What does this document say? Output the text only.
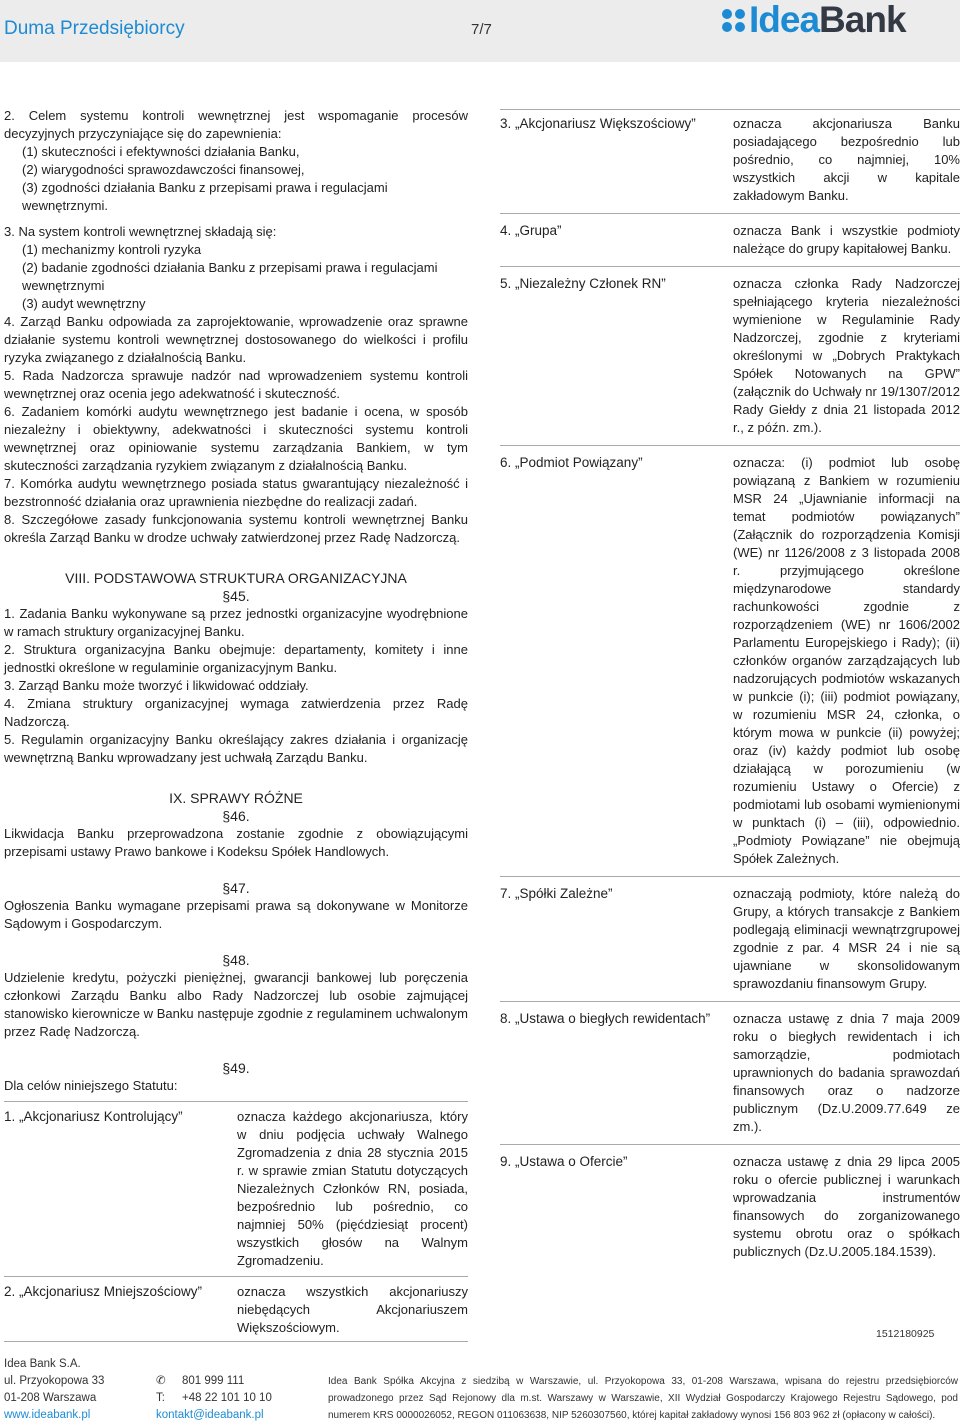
Duma Przedsiębiorcy	7/7	IdeaBank

2. Celem systemu kontroli wewnętrznej jest wspomaganie procesów decyzyjnych przyczyniające się do zapewnienia:

(1) skuteczności i efektywności działania Banku,

(2) wiarygodności sprawozdawczości finansowej,

(3) zgodności działania Banku z przepisami prawa i regulacjami wewnętrznymi.

3. Na system kontroli wewnętrznej składają się:

(1) mechanizmy kontroli ryzyka

(2) badanie zgodności działania Banku z przepisami prawa i regulacjami wewnętrznymi

(3) audyt wewnętrzny

4. Zarząd Banku odpowiada za zaprojektowanie, wprowadzenie oraz sprawne działanie systemu kontroli wewnętrznej dostosowanego do wielkości i profilu ryzyka związanego z działalnością Banku.

5. Rada Nadzorcza sprawuje nadzór nad wprowadzeniem systemu kontroli wewnętrznej oraz ocenia jego adekwatność i skuteczność.

6. Zadaniem komórki audytu wewnętrznego jest badanie i ocena, w sposób niezależny i obiektywny, adekwatności i skuteczności systemu kontroli wewnętrznej oraz opiniowanie systemu zarządzania Bankiem, w tym skuteczności zarządzania ryzykiem związanym z działalnością Banku.

7. Komórka audytu wewnętrznego posiada status gwarantujący niezależność i bezstronność działania oraz uprawnienia niezbędne do realizacji zadań.

8. Szczegółowe zasady funkcjonowania systemu kontroli wewnętrznej Banku określa Zarząd Banku w drodze uchwały zatwierdzonej przez Radę Nadzorczą.

VIII. PODSTAWOWA STRUKTURA ORGANIZACYJNA

§45.

1. Zadania Banku wykonywane są przez jednostki organizacyjne wyodrębnione w ramach struktury organizacyjnej Banku.

2. Struktura organizacyjna Banku obejmuje: departamenty, komitety i inne jednostki określone w regulaminie organizacyjnym Banku.

3. Zarząd Banku może tworzyć i likwidować oddziały.

4. Zmiana struktury organizacyjnej wymaga zatwierdzenia przez Radę Nadzorczą.

5. Regulamin organizacyjny Banku określający zakres działania i organizację wewnętrzną Banku wprowadzany jest uchwałą Zarządu Banku.

IX. SPRAWY RÓŻNE

§46.

Likwidacja Banku przeprowadzona zostanie zgodnie z obowiązującymi przepisami ustawy Prawo bankowe i Kodeksu Spółek Handlowych.

§47.

Ogłoszenia Banku wymagane przepisami prawa są dokonywane w Monitorze Sądowym i Gospodarczym.

§48.

Udzielenie kredytu, pożyczki pieniężnej, gwarancji bankowej lub poręczenia członkowi Zarządu Banku albo Rady Nadzorczej lub osobie zajmującej stanowisko kierownicze w Banku następuje zgodnie z regulaminem uchwalonym przez Radę Nadzorczą.

§49.

Dla celów niniejszego Statutu:

1. „Akcjonariusz Kontrolujący”	oznacza każdego akcjonariusza, który w dniu podjęcia uchwały Walnego Zgromadzenia z dnia 28 stycznia 2015 r. w sprawie zmian Statutu dotyczących Niezależnych Członków RN, posiada, bezpośrednio lub pośrednio, co najmniej 50% (pięćdziesiąt procent) wszystkich głosów na Walnym Zgromadzeniu.
2. „Akcjonariusz Mniejszościowy”	oznacza wszystkich akcjonariuszy niebędących Akcjonariuszem Większościowym.
3. „Akcjonariusz Większościowy”	oznacza akcjonariusza Banku posiadającego bezpośrednio lub pośrednio, co najmniej, 10% wszystkich akcji w kapitale zakładowym Banku.
4. „Grupa”	oznacza Bank i wszystkie podmioty należące do grupy kapitałowej Banku.
5. „Niezależny Członek RN”	oznacza członka Rady Nadzorczej spełniającego kryteria niezależności wymienione w Regulaminie Rady Nadzorczej, zgodnie z kryteriami określonymi w „Dobrych Praktykach Spółek Notowanych na GPW” (załącznik do Uchwały nr 19/1307/2012 Rady Giełdy z dnia 21 listopada 2012 r., z późn. zm.).
6. „Podmiot Powiązany”	oznacza: (i) podmiot lub osobę powiązaną z Bankiem w rozumieniu MSR 24 „Ujawnianie informacji na temat podmiotów powiązanych” (Załącznik do rozporządzenia Komisji (WE) nr 1126/2008 z 3 listopada 2008 r. przyjmującego określone międzynarodowe standardy rachunkowości zgodnie z rozporządzeniem (WE) nr 1606/2002 Parlamentu Europejskiego i Rady); (ii) członków organów zarządzających lub nadzorujących podmiotów wskazanych w punkcie (i); (iii) podmiot powiązany, w rozumieniu MSR 24, członka, o którym mowa w punkcie (ii) powyżej; oraz (iv) każdy podmiot lub osobę działającą w porozumieniu (w rozumieniu Ustawy o Ofercie) z podmiotami lub osobami wymienionymi w punktach (i) – (iii), odpowiednio. „Podmioty Powiązane” nie obejmują Spółek Zależnych.
7. „Spółki Zależne”	oznaczają podmioty, które należą do Grupy, a których transakcje z Bankiem podlegają eliminacji wewnątrzgrupowej zgodnie z par. 4 MSR 24 i nie są ujawniane w skonsolidowanym sprawozdaniu finansowym Grupy.
8. „Ustawa o biegłych rewidentach”	oznacza ustawę z dnia 7 maja 2009 roku o biegłych rewidentach i ich samorządzie, podmiotach uprawnionych do badania sprawozdań finansowych oraz o nadzorze publicznym (Dz.U.2009.77.649 ze zm.).
9. „Ustawa o Ofercie”	oznacza ustawę z dnia 29 lipca 2005 roku o ofercie publicznej i warunkach wprowadzania instrumentów finansowych do zorganizowanego systemu obrotu oraz o spółkach publicznych (Dz.U.2005.184.1539).
1512180925
Idea Bank S.A.
ul. Przyokopowa 33
01-208 Warszawa
www.ideabank.pl
✆ 801 999 111
T: +48 22 101 10 10
kontakt@ideabank.pl
Idea Bank Spółka Akcyjna z siedzibą w Warszawie, ul. Przyokopowa 33, 01-208 Warszawa, wpisana do rejestru przedsiębiorców prowadzonego przez Sąd Rejonowy dla m.st. Warszawy w Warszawie, XII Wydział Gospodarczy Krajowego Rejestru Sądowego, pod numerem KRS 0000026052, REGON 011063638, NIP 5260307560, której kapitał zakładowy wynosi 156 803 962 zł (opłacony w całości).
